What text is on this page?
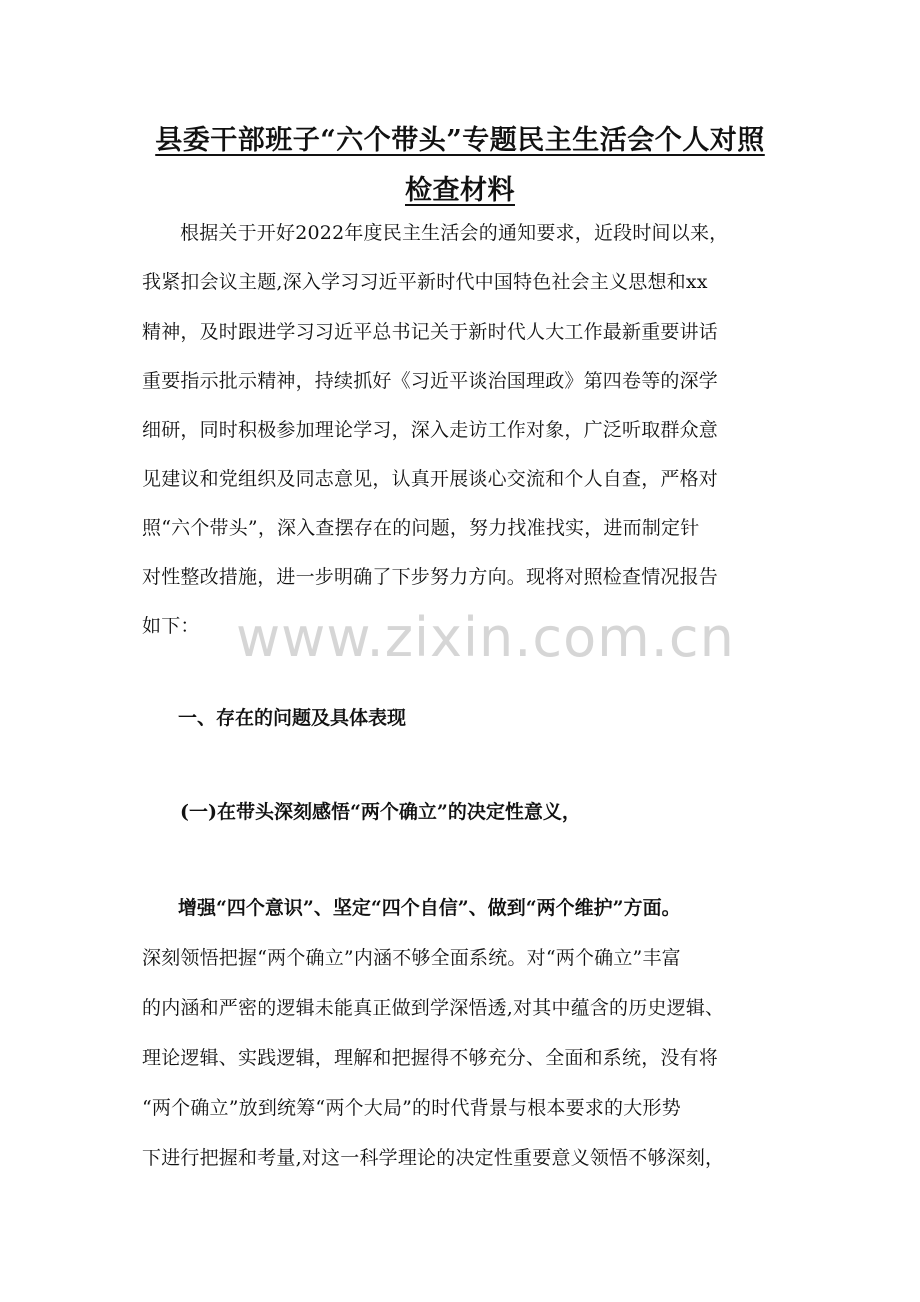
县委干部班子“六个带头”专题民主生活会个人对照
检查材料
根据关于开好2022年度民主生活会的通知要求，近段时间以来，
我紧扣会议主题,深入学习习近平新时代中国特色社会主义思想和xx
精神，及时跟进学习习近平总书记关于新时代人大工作最新重要讲话
重要指示批示精神，持续抓好《习近平谈治国理政》第四卷等的深学
细研，同时积极参加理论学习，深入走访工作对象，广泛听取群众意
见建议和党组织及同志意见，认真开展谈心交流和个人自查，严格对
照“六个带头”，深入查摆存在的问题，努力找准找实，进而制定针
对性整改措施，进一步明确了下步努力方向。现将对照检查情况报告
如下： www.zixin.com.cn
一、存在的问题及具体表现
(一)在带头深刻感悟“两个确立”的决定性意义，
增强“四个意识”、坚定“四个自信”、做到“两个维护”方面。
深刻领悟把握“两个确立”内涵不够全面系统。对“两个确立”丰富
的内涵和严密的逻辑未能真正做到学深悟透,对其中蕴含的历史逻辑、
理论逻辑、实践逻辑，理解和把握得不够充分、全面和系统，没有将
“两个确立”放到统筹“两个大局”的时代背景与根本要求的大形势
下进行把握和考量,对这一科学理论的决定性重要意义领悟不够深刻，
